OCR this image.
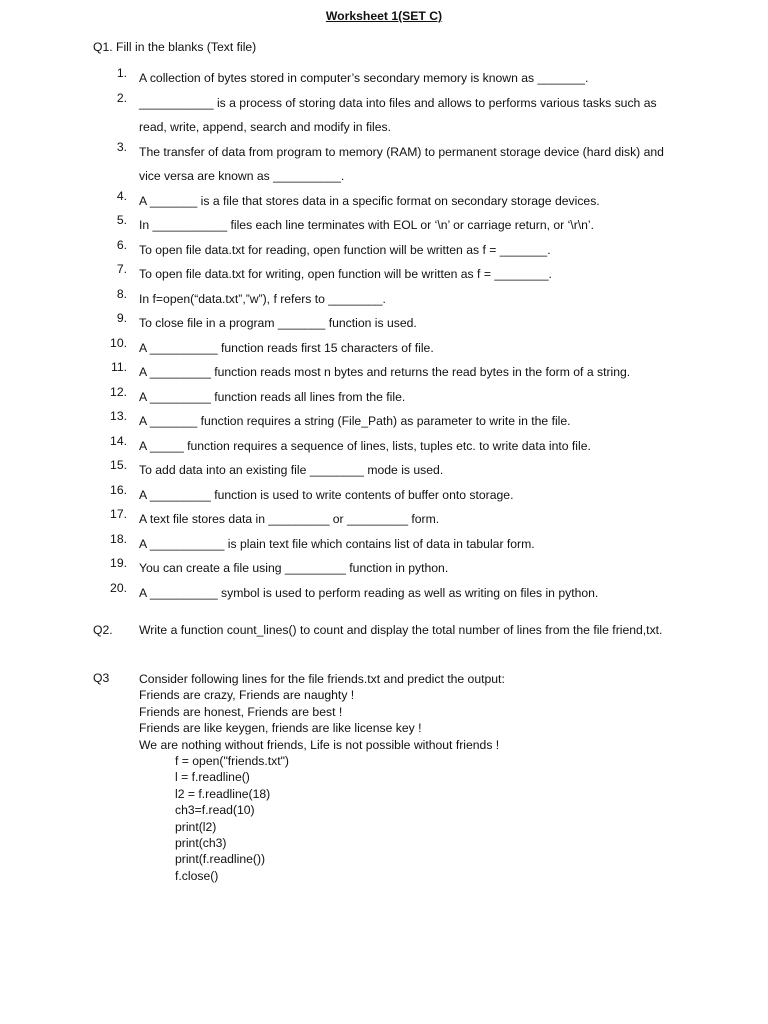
Worksheet 1(SET C)
Q1. Fill in the blanks (Text file)
1. A collection of bytes stored in computer’s secondary memory is known as _______.
2. ___________ is a process of storing data into files and allows to performs various tasks such as read, write, append, search and modify in files.
3. The transfer of data from program to memory (RAM) to permanent storage device (hard disk) and vice versa are known as __________.
4. A _______ is a file that stores data in a specific format on secondary storage devices.
5. In ___________ files each line terminates with EOL or ‘\n’ or carriage return, or ‘\r\n’.
6. To open file data.txt for reading, open function will be written as f = _______.
7. To open file data.txt for writing, open function will be written as f = ________.
8. In f=open(“data.txt”,”w”), f refers to ________.
9. To close file in a program _______ function is used.
10. A __________ function reads first 15 characters of file.
11. A _________ function reads most n bytes and returns the read bytes in the form of a string.
12. A _________ function reads all lines from the file.
13. A _______ function requires a string (File_Path) as parameter to write in the file.
14. A _____ function requires a sequence of lines, lists, tuples etc. to write data into file.
15. To add data into an existing file ________ mode is used.
16. A _________ function is used to write contents of buffer onto storage.
17. A text file stores data in _________ or _________ form.
18. A ___________ is plain text file which contains list of data in tabular form.
19. You can create a file using _________ function in python.
20. A __________ symbol is used to perform reading as well as writing on files in python.
Q2. Write a function count_lines() to count and display the total number of lines from the file friend,txt.
Q3 Consider following lines for the file friends.txt and predict the output:
Friends are crazy, Friends are naughty !
Friends are honest, Friends are best !
Friends are like keygen, friends are like license key !
We are nothing without friends, Life is not possible without friends !
f = open("friends.txt")
l = f.readline()
l2 = f.readline(18)
ch3=f.read(10)
print(l2)
print(ch3)
print(f.readline())
f.close()
